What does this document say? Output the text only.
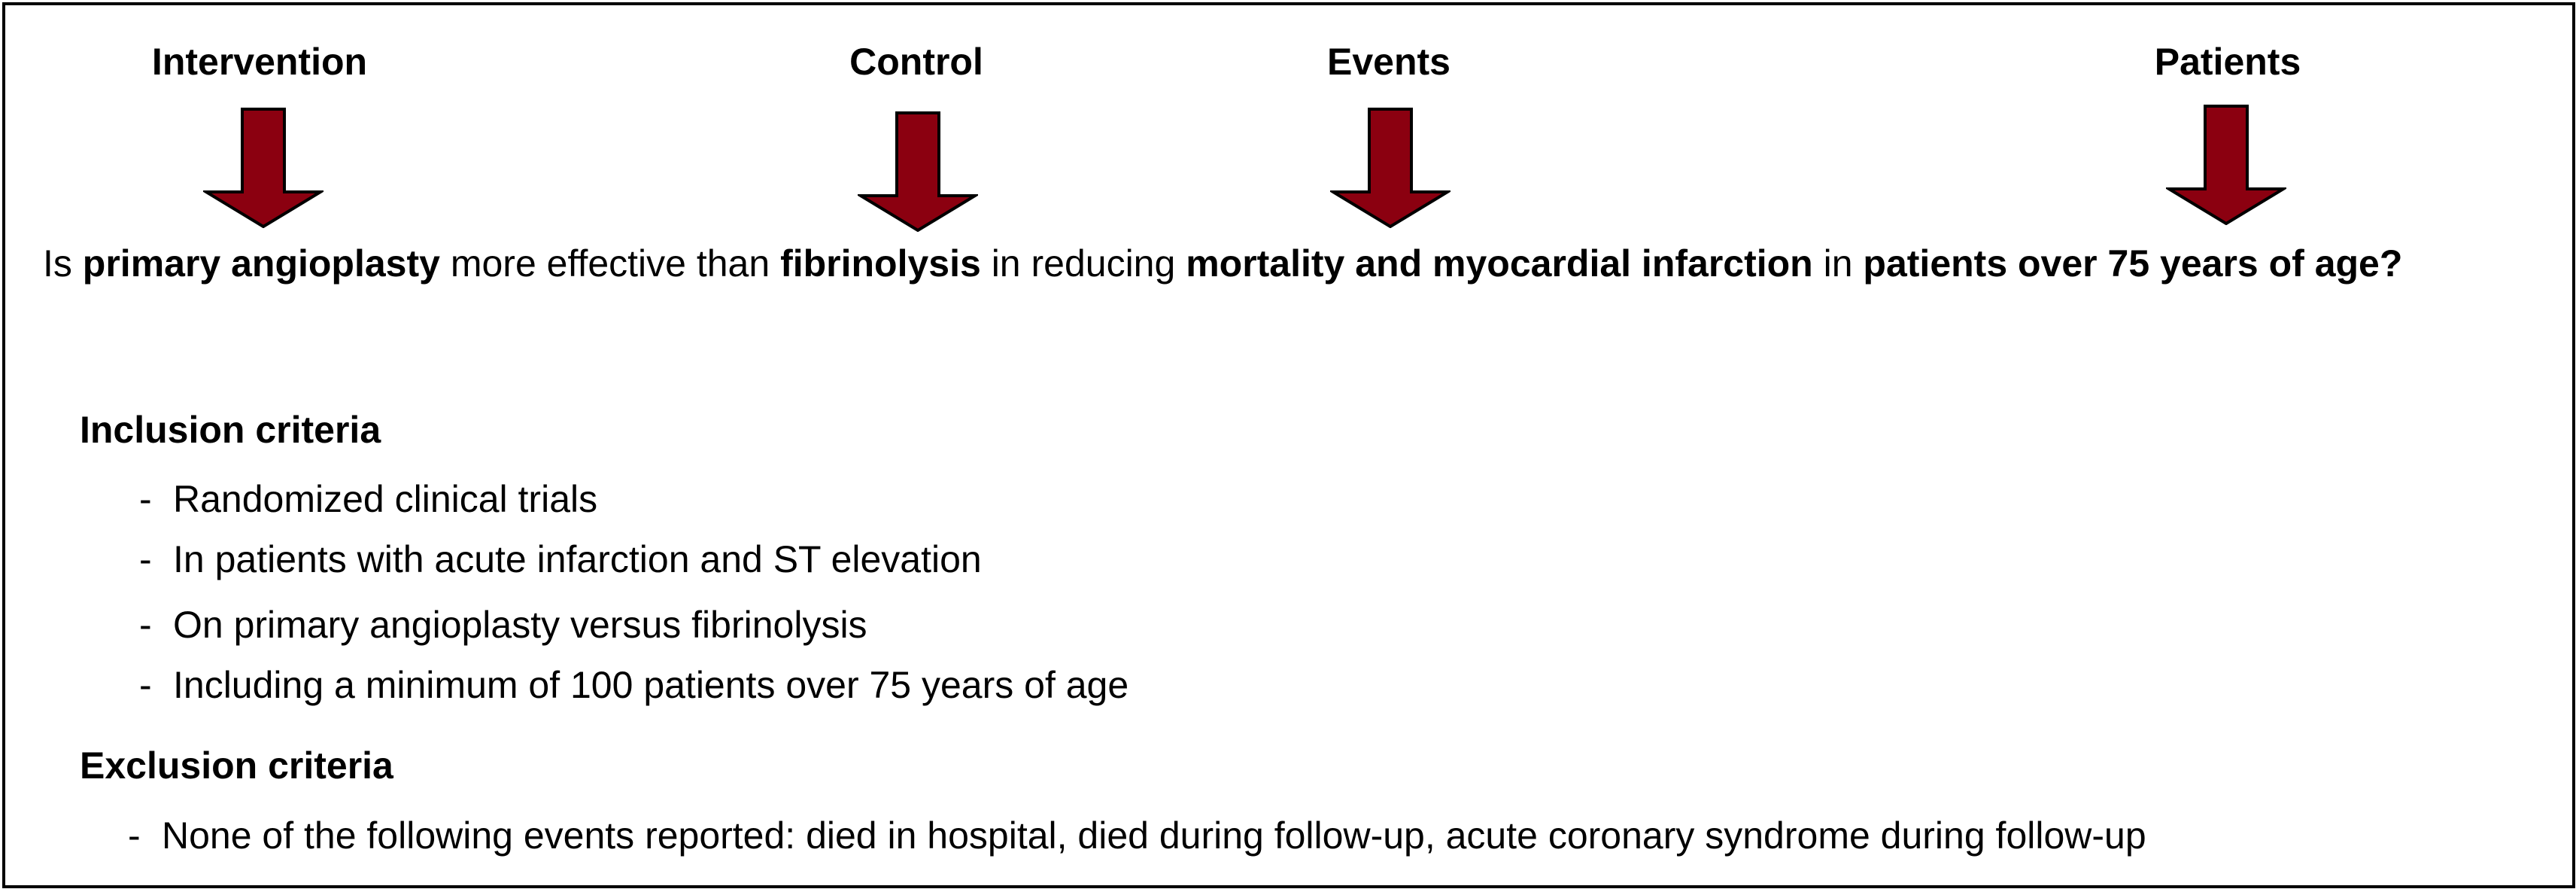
Intervention	Control	Events	Patients
Is primary angioplasty more effective than fibrinolysis in reducing mortality and myocardial infarction in patients over 75 years of age?
Inclusion criteria
- Randomized clinical trials
- In patients with acute infarction and ST elevation
- On primary angioplasty versus fibrinolysis
- Including a minimum of 100 patients over 75 years of age
Exclusion criteria
- None of the following events reported: died in hospital, died during follow-up, acute coronary syndrome during follow-up
